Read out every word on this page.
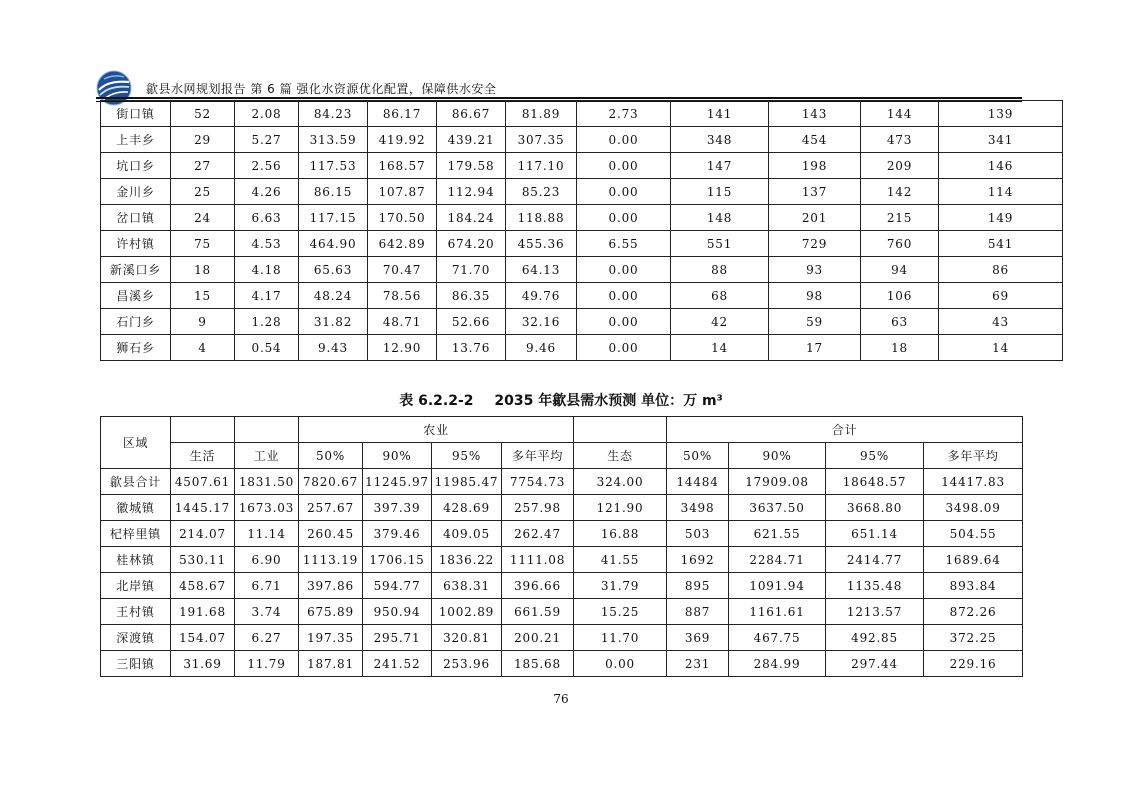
歙县水网规划报告 第 6 篇 强化水资源优化配置，保障供水安全
街口镇	52	2.08	84.23	86.17	86.67	81.89	2.73	141	143	144	139
上丰乡	29	5.27	313.59	419.92	439.21	307.35	0.00	348	454	473	341
坑口乡	27	2.56	117.53	168.57	179.58	117.10	0.00	147	198	209	146
金川乡	25	4.26	86.15	107.87	112.94	85.23	0.00	115	137	142	114
岔口镇	24	6.63	117.15	170.50	184.24	118.88	0.00	148	201	215	149
许村镇	75	4.53	464.90	642.89	674.20	455.36	6.55	551	729	760	541
新溪口乡	18	4.18	65.63	70.47	71.70	64.13	0.00	88	93	94	86
昌溪乡	15	4.17	48.24	78.56	86.35	49.76	0.00	68	98	106	69
石门乡	9	1.28	31.82	48.71	52.66	32.16	0.00	42	59	63	43
狮石乡	4	0.54	9.43	12.90	13.76	9.46	0.00	14	17	18	14
表 6.2.2-2 2035 年歙县需水预测 单位：万 m³
区域			农业					合计			
	生活	工业	50%	90%	95%	多年平均	生态	50%	90%	95%	多年平均
歙县合计	4507.61	1831.50	7820.67	11245.97	11985.47	7754.73	324.00	14484	17909.08	18648.57	14417.83
徽城镇	1445.17	1673.03	257.67	397.39	428.69	257.98	121.90	3498	3637.50	3668.80	3498.09
杞梓里镇	214.07	11.14	260.45	379.46	409.05	262.47	16.88	503	621.55	651.14	504.55
桂林镇	530.11	6.90	1113.19	1706.15	1836.22	1111.08	41.55	1692	2284.71	2414.77	1689.64
北岸镇	458.67	6.71	397.86	594.77	638.31	396.66	31.79	895	1091.94	1135.48	893.84
王村镇	191.68	3.74	675.89	950.94	1002.89	661.59	15.25	887	1161.61	1213.57	872.26
深渡镇	154.07	6.27	197.35	295.71	320.81	200.21	11.70	369	467.75	492.85	372.25
三阳镇	31.69	11.79	187.81	241.52	253.96	185.68	0.00	231	284.99	297.44	229.16
76
